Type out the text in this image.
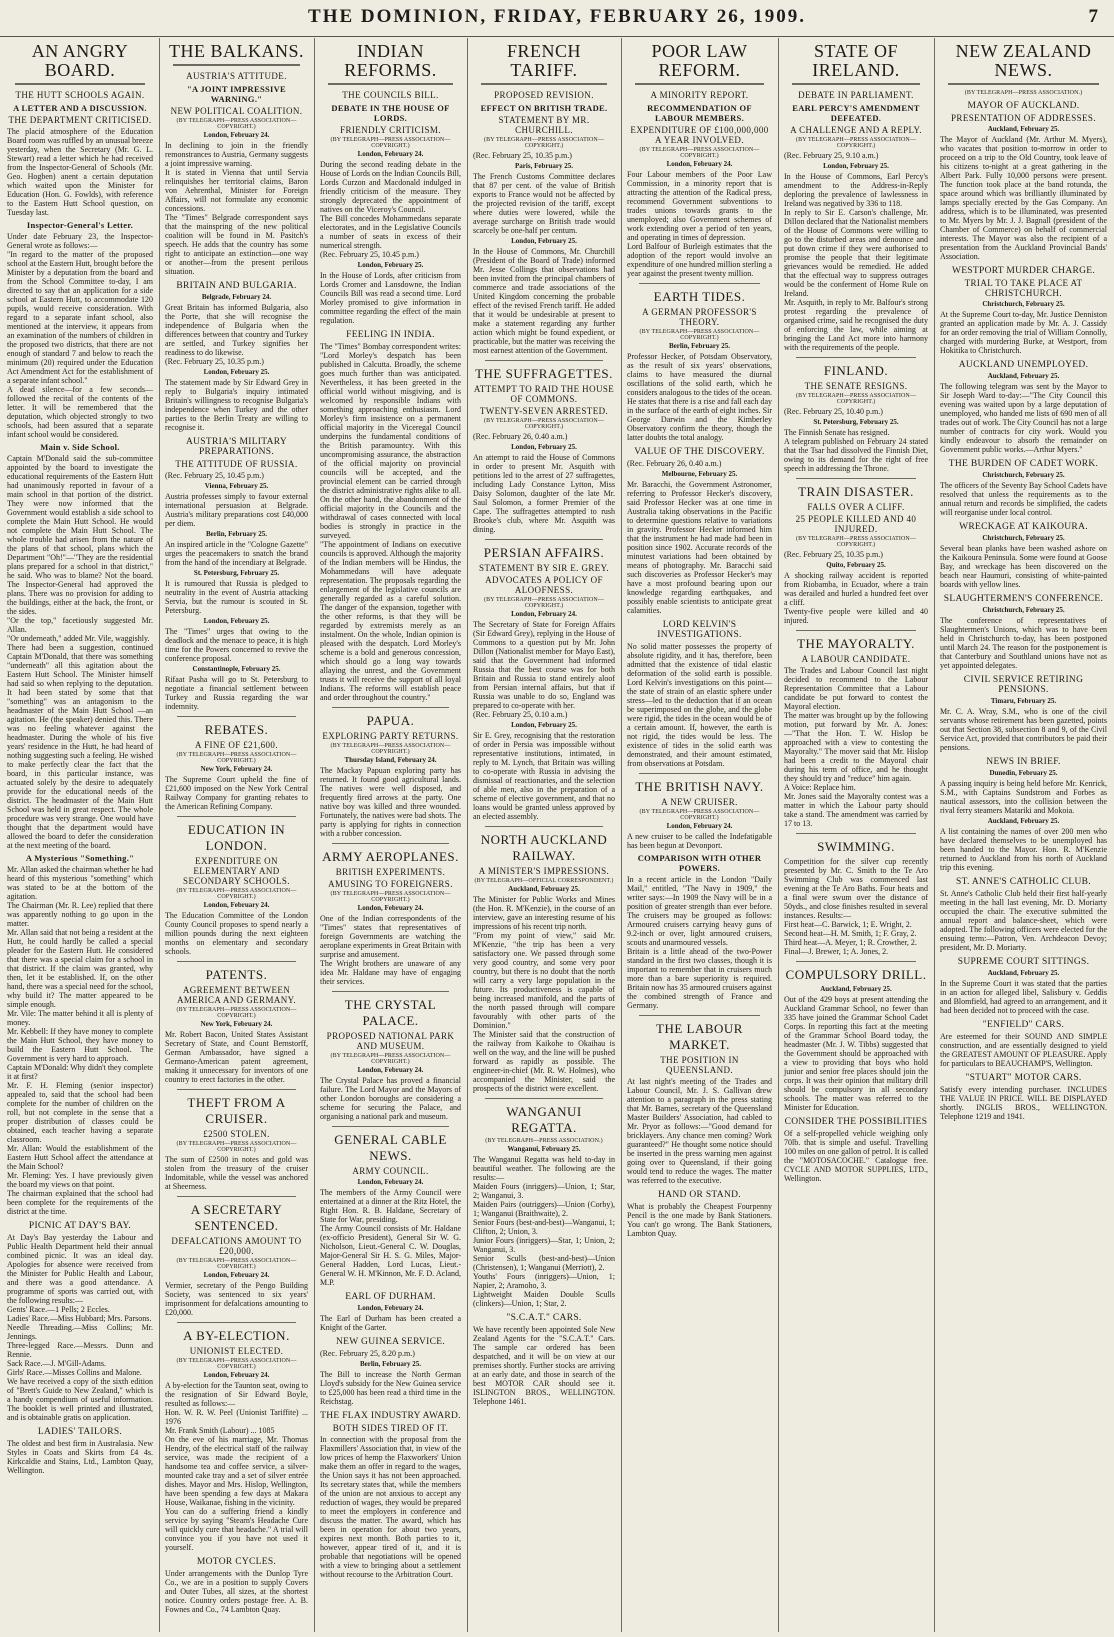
THE DOMINION, FRIDAY, FEBRUARY 26, 1909.	7
AN ANGRY BOARD.
THE HUTT SCHOOLS AGAIN.
A LETTER AND A DISCUSSION.
THE DEPARTMENT CRITICISED.
The placid atmosphere of the Education Board room was ruffled by an unusual breeze yesterday, when the Secretary (Mr. G. L. Stewart) read a letter which he had received from the Inspector-General of Schools (Mr. Geo. Hogben) anent a certain deputation which waited upon the Minister for Education (Hon. G. Fowlds), with reference to the Eastern Hutt School question, on Tuesday last.
Inspector-General's Letter.
Under date February 23, the Inspector-General wrote as follows:—
"In regard to the matter of the proposed school at the Eastern Hutt, brought before the Minister by a deputation from the board and from the School Committee to-day, I am directed to say that an application for a side school at Eastern Hutt, to accommodate 120 pupils, would receive consideration. With regard to a separate infant school, also mentioned at the interview, it appears from an examination of the numbers of children in the proposed two districts, that there are not enough of standard 7 and below to reach the minimum (20) required under the Education Act Amendment Act for the establishment of a separate infant school."
A dead silence—for a few seconds—followed the recital of the contents of the letter. It will be remembered that the deputation, which objected strongly to two schools, had been assured that a separate infant school would be considered.
Main v. Side School.
Captain M'Donald said the sub-committee appointed by the board to investigate the educational requirements of the Eastern Hutt had unanimously reported in favour of a main school in that portion of the district. They were now informed that the Government would establish a side school to complete the Main Hutt School. He would not complete the Main Hutt School. The whole trouble had arisen from the nature of the plans of that school, plans which the Department "Oh!"—"They are the residential plans prepared for a school in that district," he said. Who was to blame? Not the board. The Inspector-General had approved the plans. There was no provision for adding to the buildings, either at the back, the front, or the sides.
"Or the top," facetiously suggested Mr. Allan.
"Or underneath," added Mr. Vile, waggishly.
There had been a suggestion, continued Captain M'Donald, that there was something "underneath" all this agitation about the Eastern Hutt School. The Minister himself had said so when replying to the deputation. It had been stated by some that that "something" was an antagonism to the headmaster of the Main Hutt School —an agitation. He (the speaker) denied this. There was no feeling whatever against the headmaster. During the whole of his five years' residence in the Hutt, he had heard of nothing suggesting such a feeling. He wished to make perfectly clear the fact that the board, in this particular instance, was actuated solely by the desire to adequately provide for the educational needs of the district. The headmaster of the Main Hutt School was held in great respect. The whole procedure was very strange. One would have thought that the department would have allowed the board to defer the consideration at the next meeting of the board.
A Mysterious "Something."
Mr. Allan asked the chairman whether he had heard of this mysterious "something" which was stated to be at the bottom of the agitation.
The Chairman (Mr. R. Lee) replied that there was apparently nothing to go upon in the matter.
Mr. Allan said that not being a resident at the Hutt, he could hardly be called a special pleader for the Eastern Hutt. He considered that there was a special claim for a school in that district. If the claim was granted, why then, let it be established. If, on the other hand, there was a special need for the school, why build it? The matter appeared to be simple enough.
Mr. Vile: The matter behind it all is plenty of money.
Mr. Kebbell: If they have money to complete the Main Hutt School, they have money to build the Eastern Hutt School. The Government is very hard to approach.
Captain M'Donald: Why didn't they complete it at first?
Mr. F. H. Fleming (senior inspector) appealed to, said that the school had been complete for the number of children on the roll, but not complete in the sense that a proper distribution of classes could be obtained, each teacher having a separate classroom.
Mr. Allan: Would the establishment of the Eastern Hutt School affect the attendance at the Main School?
Mr. Fleming: Yes. I have previously given the board my views on that point.
The chairman explained that the school had been complete for the requirements of the district at the time.
PICNIC AT DAY'S BAY.
At Day's Bay yesterday the Labour and Public Health Department held their annual combined picnic. It was an ideal day. Apologies for absence were received from the Minister for Public Health and Labour, and there was a good attendance. A programme of sports was carried out, with the following results:—
Gents' Race.—1 Pells; 2 Eccles.
Ladies' Race.—Miss Hubbard; Mrs. Parsons.
Needle Threading.—Miss Collins; Mr. Jennings.
Three-legged Race.—Messrs. Dunn and Rennie.
Sack Race.—J. M'Gill-Adams.
Girls' Race.—Misses Collins and Malone.
We have received a copy of the sixth edition of "Brett's Guide to New Zealand," which is a handy compendium of useful information. The booklet is well printed and illustrated, and is obtainable gratis on application.
LADIES' TAILORS.
The oldest and best firm in Australasia. New Styles in Coats and Skirts from £4 4s. Kirkcaldie and Stains, Ltd., Lambton Quay, Wellington.
THE BALKANS.
AUSTRIA'S ATTITUDE.
"A JOINT IMPRESSIVE WARNING."
NEW POLITICAL COALITION.
(BY TELEGRAPH—PRESS ASSOCIATION—COPYRIGHT.)
London, February 24.
In declining to join in the friendly remonstrances to Austria, Germany suggests a joint impressive warning.
It is stated in Vienna that until Servia relinquishes her territorial claims, Baron von Aehrenthal, Minister for Foreign Affairs, will not formulate any economic concessions.
The "Times" Belgrade correspondent says that the mainspring of the new political coalition will be found in M. Pasitch's speech. He adds that the country has some right to anticipate an extinction—one way or another—from the present perilous situation.
BRITAIN AND BULGARIA.
Belgrade, February 24.
Great Britain has informed Bulgaria, also the Porte, that she will recognise the independence of Bulgaria when the differences between that country and Turkey are settled, and Turkey signifies her readiness to do likewise.
(Rec. February 25, 10.35 p.m.)
London, February 25.
The statement made by Sir Edward Grey in reply to Bulgaria's inquiry intimated Britain's willingness to recognise Bulgaria's independence when Turkey and the other parties to the Berlin Treaty are willing to recognise it.
AUSTRIA'S MILITARY PREPARATIONS.
THE ATTITUDE OF RUSSIA.
(Rec. February 25, 10.45 p.m.)
Vienna, February 25.
Austria professes simply to favour external international persuasion at Belgrade. Austria's military preparations cost £40,000 per diem.
Berlin, February 25.
An inspired article in the "Cologne Gazette" urges the peacemakers to snatch the brand from the hand of the incendiary at Belgrade.
St. Petersburg, February 25.
It is rumoured that Russia is pledged to neutrality in the event of Austria attacking Servia, but the rumour is scouted in St. Petersburg.
London, February 25.
The "Times" urges that owing to the deadlock and the menace to peace, it is high time for the Powers concerned to revive the conference proposal.
Constantinople, February 25.
Rifaat Pasha will go to St. Petersburg to negotiate a financial settlement between Turkey and Russia regarding the war indemnity.
REBATES.
A FINE OF £21,600.
(BY TELEGRAPH—PRESS ASSOCIATION—COPYRIGHT.)
New York, February 24.
The Supreme Court upheld the fine of £21,600 imposed on the New York Central Railway Company for granting rebates to the American Refining Company.
EDUCATION IN LONDON.
EXPENDITURE ON ELEMENTARY AND SECONDARY SCHOOLS.
(BY TELEGRAPH—PRESS ASSOCIATION—COPYRIGHT.)
London, February 24.
The Education Committee of the London County Council proposes to spend nearly a million pounds during the next eighteen months on elementary and secondary schools.
PATENTS.
AGREEMENT BETWEEN AMERICA AND GERMANY.
(BY TELEGRAPH—PRESS ASSOCIATION—COPYRIGHT.)
New York, February 24.
Mr. Robert Bacon, United States Assistant Secretary of State, and Count Bernstorff, German Ambassador, have signed a Germano-American patent agreement, making it unnecessary for inventors of one country to erect factories in the other.
THEFT FROM A CRUISER.
£2500 STOLEN.
(BY TELEGRAPH—PRESS ASSOCIATION—COPYRIGHT.)
The sum of £2500 in notes and gold was stolen from the treasury of the cruiser Indomitable, while the vessel was anchored at Sheerness.
A SECRETARY SENTENCED.
DEFALCATIONS AMOUNT TO £20,000.
(BY TELEGRAPH—PRESS ASSOCIATION—COPYRIGHT.)
London, February 24.
Vermier, secretary of the Pengo Building Society, was sentenced to six years' imprisonment for defalcations amounting to £20,000.
A BY-ELECTION.
UNIONIST ELECTED.
(BY TELEGRAPH—PRESS ASSOCIATION—COPYRIGHT.)
London, February 24.
A by-election for the Taunton seat, owing to the resignation of Sir Edward Boyle, resulted as follows:—
Hon. W. R. W. Peel (Unionist Tariffite) ... 1976
Mr. Frank Smith (Labour) ... 1085
On the eve of his marriage, Mr. Thomas Hendry, of the electrical staff of the railway service, was made the recipient of a handsome tea and coffee service, a silver-mounted cake tray and a set of silver entrée dishes. Mayor and Mrs. Hislop, Wellington, have been spending a few days at Makara House, Waikanae, fishing in the vicinity.
You can do a suffering friend a kindly service by saying "Stearn's Headache Cure will quickly cure that headache." A trial will convince you if you have not used it yourself.
MOTOR CYCLES.
Under arrangements with the Dunlop Tyre Co., we are in a position to supply Covers and Outer Tubes, all sizes, at the shortest notice. Country orders postage free. A. B. Fownes and Co., 74 Lambton Quay.
INDIAN REFORMS.
THE COUNCILS BILL.
DEBATE IN THE HOUSE OF LORDS.
FRIENDLY CRITICISM.
(BY TELEGRAPH—PRESS ASSOCIATION—COPYRIGHT.)
London, February 24.
During the second reading debate in the House of Lords on the Indian Councils Bill, Lords Curzon and Macdonald indulged in friendly criticism of the measure. They strongly deprecated the appointment of natives on the Viceroy's Council.
The Bill concedes Mohammedans separate electorates, and in the Legislative Councils a number of seats in excess of their numerical strength.
(Rec. February 25, 10.45 p.m.)
London, February 25.
In the House of Lords, after criticism from Lords Cromer and Lansdowne, the Indian Councils Bill was read a second time. Lord Morley promised to give information in committee regarding the effect of the main regulation.
FEELING IN INDIA.
The "Times" Bombay correspondent writes: "Lord Morley's despatch has been published in Calcutta. Broadly, the scheme goes much further than was anticipated. Nevertheless, it has been greeted in the official world without misgiving, and is welcomed by responsible Indians with something approaching enthusiasm. Lord Morley's firm insistence on a permanent official majority in the Viceregal Council underpins the fundamental conditions of the British paramountcy. With this uncompromising assurance, the abstraction of the official majority on provincial councils will be accepted, and the provincial element can be carried through the district administrative rights alike to all. On the other hand, the abandonment of the official majority in the Councils and the withdrawal of cases connected with local bodies is strongly in practice in the surveyed.
"The appointment of Indians on executive councils is approved. Although the majority of the Indian members will be Hindus, the Mohammedans will have adequate representation. The proposals regarding the enlargement of the legislative councils are generally regarded as a careful solution. The danger of the expansion, together with the other reforms, is that they will be regarded by extremists merely as an instalment. On the whole, Indian opinion is pleased with the despatch. Lord Morley's scheme is a bold and generous concession, which should go a long way towards allaying the unrest, and the Government trusts it will receive the support of all loyal Indians. The reforms will establish peace and order throughout the country."
PAPUA.
EXPLORING PARTY RETURNS.
(BY TELEGRAPH—PRESS ASSOCIATION—COPYRIGHT.)
Thursday Island, February 24.
The Mackay Papuan exploring party has returned. It found good agricultural lands. The natives were well disposed, and frequently fired arrows at the party. One native boy was killed and three wounded. Fortunately, the natives were bad shots. The party is applying for rights in connection with a rubber concession.
ARMY AEROPLANES.
BRITISH EXPERIMENTS.
AMUSING TO FOREIGNERS.
(BY TELEGRAPH—PRESS ASSOCIATION—COPYRIGHT.)
London, February 24.
One of the Indian correspondents of the "Times" states that representatives of foreign Governments are watching the aeroplane experiments in Great Britain with surprise and amusement.
The Wright brothers are unaware of any idea Mr. Haldane may have of engaging their services.
THE CRYSTAL PALACE.
PROPOSED NATIONAL PARK AND MUSEUM.
(BY TELEGRAPH—PRESS ASSOCIATION—COPYRIGHT.)
London, February 24.
The Crystal Palace has proved a financial failure. The Lord Mayor and the Mayors of other London boroughs are considering a scheme for securing the Palace, and organising a national park and museum.
GENERAL CABLE NEWS.
ARMY COUNCIL.
London, February 24.
The members of the Army Council were entertained at a dinner at the Ritz Hotel, the Right Hon. R. B. Haldane, Secretary of State for War, presiding.
The Army Council consists of Mr. Haldane (ex-officio President), General Sir W. G. Nicholson, Lieut.-General C. W. Douglas, Major-General Sir H. S. G. Miles, Major-General Hadden, Lord Lucas, Lieut.-General W. H. M'Kinnon, Mr. F. D. Acland, M.P.
EARL OF DURHAM.
London, February 24.
The Earl of Durham has been created a Knight of the Garter.
NEW GUINEA SERVICE.
(Rec. February 25, 8.20 p.m.)
Berlin, February 25.
The Bill to increase the North German Lloyd's subsidy for the New Guinea service to £25,000 has been read a third time in the Reichstag.
THE FLAX INDUSTRY AWARD.
BOTH SIDES TIRED OF IT.
In connection with the proposal from the Flaxmillers' Association that, in view of the low prices of hemp the Flaxworkers' Union make them an offer in regard to the wages, the Union says it has not been approached. Its secretary states that, while the members of the union are not anxious to accept any reduction of wages, they would be prepared to meet the employers in conference and discuss the matter. The award, which has been in operation for about two years, expires next month. Both parties to it, however, appear tired of it, and it is probable that negotiations will be opened with a view to bringing about a settlement without recourse to the Arbitration Court.
FRENCH TARIFF.
PROPOSED REVISION.
EFFECT ON BRITISH TRADE.
STATEMENT BY MR. CHURCHILL.
(BY TELEGRAPH—PRESS ASSOCIATION—COPYRIGHT.)
(Rec. February 25, 10.35 p.m.)
Paris, February 25.
The French Customs Committee declares that 87 per cent. of the value of British exports to France would not be affected by the projected revision of the tariff, except where duties were lowered, while the average surcharge on British trade would scarcely be one-half per centum.
London, February 25.
In the House of Commons, Mr. Churchill (President of the Board of Trade) informed Mr. Jesse Collings that observations had been invited from the principal chambers of commerce and trade associations of the United Kingdom concerning the probable effect of the revised French tariff. He added that it would be undesirable at present to make a statement regarding any further action which might be found expedient, or practicable, but the matter was receiving the most earnest attention of the Government.
THE SUFFRAGETTES.
ATTEMPT TO RAID THE HOUSE OF COMMONS.
TWENTY-SEVEN ARRESTED.
(BY TELEGRAPH—PRESS ASSOCIATION—COPYRIGHT.)
(Rec. February 26, 0.40 a.m.)
London, February 25.
An attempt to raid the House of Commons in order to present Mr. Asquith with petitions led to the arrest of 27 suffragettes, including Lady Constance Lytton, Miss Daisy Solomon, daughter of the late Mr. Saul Solomon, a former Premier of the Cape. The suffragettes attempted to rush Brooke's club, where Mr. Asquith was dining.
PERSIAN AFFAIRS.
STATEMENT BY SIR E. GREY.
ADVOCATES A POLICY OF ALOOFNESS.
(BY TELEGRAPH—PRESS ASSOCIATION—COPYRIGHT.)
London, February 24.
The Secretary of State for Foreign Affairs (Sir Edward Grey), replying in the House of Commons to a question put by Mr. John Dillon (Nationalist member for Mayo East), said that the Government had informed Russia that the best course was for both Britain and Russia to stand entirely aloof from Persian internal affairs, but that if Russia was unable to do so, England was prepared to co-operate with her.
(Rec. February 25, 0.10 a.m.)
London, February 25.
Sir E. Grey, recognising that the restoration of order in Persia was impossible without representative institutions, intimated, in reply to M. Lynch, that Britain was willing to co-operate with Russia in advising the dismissal of reactionaries, and the selection of able men, also in the preparation of a scheme of elective government, and that no loans would be granted unless approved by an elected assembly.
NORTH AUCKLAND RAILWAY.
A MINISTER'S IMPRESSIONS.
(BY TELEGRAPH—OFFICIAL CORRESPONDENT.)
Auckland, February 25.
The Minister for Public Works and Mines (the Hon. R. M'Kenzie), in the course of an interview, gave an interesting resume of his impressions of his recent trip north.
"From my point of view," said Mr. M'Kenzie, "the trip has been a very satisfactory one. We passed through some very good country, and some very poor country, but there is no doubt that the north will carry a very large population in the future. Its productiveness is capable of being increased manifold, and the parts of the north passed through will compare favourably with other parts of the Dominion."
The Minister said that the construction of the railway from Kaikohe to Okaihau is well on the way, and the line will be pushed forward as rapidly as possible. The engineer-in-chief (Mr. R. W. Holmes), who accompanied the Minister, said the prospects of the district were excellent.
WANGANUI REGATTA.
(BY TELEGRAPH—PRESS ASSOCIATION.)
Wanganui, February 25.
The Wanganui Regatta was held to-day in beautiful weather. The following are the results:—
Maiden Fours (inriggers)—Union, 1; Star, 2; Wanganui, 3.
Maiden Pairs (outriggers)—Union (Corby), 1; Wanganui (Braithwaite), 2.
Senior Fours (best-and-best)—Wanganui, 1; Clifton, 2; Union, 3.
Junior Fours (inriggers)—Star, 1; Union, 2; Wanganui, 3.
Senior Sculls (best-and-best)—Union (Christensen), 1; Wanganui (Merriott), 2.
Youths' Fours (inriggers)—Union, 1; Napier, 2; Aramoho, 3.
Lightweight Maiden Double Sculls (clinkers)—Union, 1; Star, 2.
"S.C.A.T." CARS.
We have recently been appointed Sole New Zealand Agents for the "S.C.A.T." Cars. The sample car ordered has been despatched, and it will be on view at our premises shortly. Further stocks are arriving at an early date, and those in search of the best MOTOR CAR should see it. ISLINGTON BROS., WELLINGTON. Telephone 1461.
POOR LAW REFORM.
A MINORITY REPORT.
RECOMMENDATION OF LABOUR MEMBERS.
EXPENDITURE OF £100,000,000 A YEAR INVOLVED.
(BY TELEGRAPH—PRESS ASSOCIATION—COPYRIGHT.)
London, February 24.
Four Labour members of the Poor Law Commission, in a minority report that is attracting the attention of the Radical press, recommend Government subventions to trades unions towards grants to the unemployed; also Government schemes of work extending over a period of ten years, and operating in times of depression.
Lord Balfour of Burleigh estimates that the adoption of the report would involve an expenditure of one hundred million sterling a year against the present twenty million.
EARTH TIDES.
A GERMAN PROFESSOR'S THEORY.
(BY TELEGRAPH—PRESS ASSOCIATION—COPYRIGHT.)
Berlin, February 25.
Professor Hecker, of Potsdam Observatory, as the result of six years' observations, claims to have measured the diurnal oscillations of the solid earth, which he considers analogous to the tides of the ocean. He states that there is a rise and fall each day in the surface of the earth of eight inches. Sir George Darwin and the Kimberley Observatory confirm the theory, though the latter doubts the total analogy.
VALUE OF THE DISCOVERY.
(Rec. February 26, 0.40 a.m.)
Melbourne, February 25.
Mr. Baracchi, the Government Astronomer, referring to Professor Hecker's discovery, said Professor Hecker was at one time in Australia taking observations in the Pacific to determine questions relative to variations in gravity. Professor Hecker informed him that the instrument he had made had been in position since 1902. Accurate records of the minutest variations had been obtained by means of photography. Mr. Baracchi said such discoveries as Professor Hecker's may have a most profound bearing upon our knowledge regarding earthquakes, and possibly enable scientists to anticipate great calamities.
LORD KELVIN'S INVESTIGATIONS.
No solid matter possesses the property of absolute rigidity, and it has, therefore, been admitted that the existence of tidal elastic deformation of the solid earth is possible. Lord Kelvin's investigations on this point—the state of strain of an elastic sphere under stress—led to the deduction that if an ocean be superimposed on the globe, and the globe were rigid, the tides in the ocean would be of a certain amount. If, however, the earth is not rigid, the tides would be less. The existence of tides in the solid earth was demonstrated, and their amount estimated, from observations at Potsdam.
THE BRITISH NAVY.
A NEW CRUISER.
(BY TELEGRAPH—PRESS ASSOCIATION—COPYRIGHT.)
London, February 24.
A new cruiser to be called the Indefatigable has been begun at Devonport.
COMPARISON WITH OTHER POWERS.
In a recent article in the London "Daily Mail," entitled, "The Navy in 1909," the writer says:—In 1909 the Navy will be in a position of greater strength than ever before. The cruisers may be grouped as follows: Armoured cruisers carrying heavy guns of 9.2-inch or over, light armoured cruisers, scouts and unarmoured vessels.
Britain is a little ahead of the two-Power standard in the first two classes, though it is important to remember that in cruisers much more than a bare superiority is required. Britain now has 35 armoured cruisers against the combined strength of France and Germany.
THE LABOUR MARKET.
THE POSITION IN QUEENSLAND.
At last night's meeting of the Trades and Labour Council, Mr. J. S. Gallivan drew attention to a paragraph in the press stating that Mr. Barnes, secretary of the Queensland Master Builders' Association, had cabled to Mr. Pryor as follows:—"Good demand for bricklayers. Any chance men coming? Work guaranteed?" He thought some notice should be inserted in the press warning men against going over to Queensland, if their going would tend to reduce the wages. The matter was referred to the executive.
HAND OR STAND.
What is probably the Cheapest Fourpenny Pencil is the one made by Bank Stationers. You can't go wrong. The Bank Stationers, Lambton Quay.
STATE OF IRELAND.
DEBATE IN PARLIAMENT.
EARL PERCY'S AMENDMENT DEFEATED.
A CHALLENGE AND A REPLY.
(BY TELEGRAPH—PRESS ASSOCIATION—COPYRIGHT.)
(Rec. February 25, 9.10 a.m.)
London, February 25.
In the House of Commons, Earl Percy's amendment to the Address-in-Reply deploring the prevalence of lawlessness in Ireland was negatived by 336 to 118.
In reply to Sir E. Carson's challenge, Mr. Dillon declared that the Nationalist members of the House of Commons were willing to go to the disturbed areas and denounce and put down crime if they were authorised to promise the people that their legitimate grievances would be remedied. He added that the effectual way to suppress outrages would be the conferment of Home Rule on Ireland.
Mr. Asquith, in reply to Mr. Balfour's strong protest regarding the prevalence of organised crime, said he recognised the duty of enforcing the law, while aiming at bringing the Land Act more into harmony with the requirements of the people.
FINLAND.
THE SENATE RESIGNS.
(BY TELEGRAPH—PRESS ASSOCIATION—COPYRIGHT.)
(Rec. February 25, 10.40 p.m.)
St. Petersburg, February 25.
The Finnish Senate has resigned.
A telegram published on February 24 stated that the Tsar had dissolved the Finnish Diet, owing to its demand for the right of free speech in addressing the Throne.
TRAIN DISASTER.
FALLS OVER A CLIFF.
25 PEOPLE KILLED AND 40 INJURED.
(BY TELEGRAPH—PRESS ASSOCIATION—COPYRIGHT.)
(Rec. February 25, 10.35 p.m.)
Quito, February 25.
A shocking railway accident is reported from Riobamba, in Ecuador, where a train was derailed and hurled a hundred feet over a cliff.
Twenty-five people were killed and 40 injured.
THE MAYORALTY.
A LABOUR CANDIDATE.
The Trades and Labour Council last night decided to recommend to the Labour Representation Committee that a Labour candidate be put forward to contest the Mayoral election.
The matter was brought up by the following motion, put forward by Mr. A. Jones:—"That the Hon. T. W. Hislop be approached with a view to contesting the Mayoralty." The mover said that Mr. Hislop had been a credit to the Mayoral chair during his term of office, and he thought they should try and "reduce" him again.
A Voice: Replace him.
Mr. Jones said the Mayoralty contest was a matter in which the Labour party should take a stand. The amendment was carried by 17 to 13.
SWIMMING.
Competition for the silver cup recently presented by Mr. C. Smith to the Te Aro Swimming Club was commenced last evening at the Te Aro Baths. Four heats and a final were swum over the distance of 50yds., and close finishes resulted in several instances. Results:—
First heat—C. Barwick, 1; E. Wright, 2.
Second heat—H. M. Smith, 1; F. Gray, 2.
Third heat—A. Meyer, 1; R. Crowther, 2.
Final—J. Brewer, 1; A. Jones, 2.
COMPULSORY DRILL.
Auckland, February 25.
Out of the 429 boys at present attending the Auckland Grammar School, no fewer than 335 have joined the Grammar School Cadet Corps. In reporting this fact at the meeting of the Grammar School Board today, the headmaster (Mr. J. W. Tibbs) suggested that the Government should be approached with a view to providing that boys who hold junior and senior free places should join the corps. It was their opinion that military drill should be compulsory in all secondary schools. The matter was referred to the Minister for Education.
CONSIDER THE POSSIBILITIES
Of a self-propelled vehicle weighing only 70lb. that is simple and useful. Travelling 100 miles on one gallon of petrol. It is called the "MOTOSACOCHE." Catalogue free. CYCLE AND MOTOR SUPPLIES, LTD., Wellington.
NEW ZEALAND NEWS.
(BY TELEGRAPH—PRESS ASSOCIATION.)
MAYOR OF AUCKLAND.
PRESENTATION OF ADDRESSES.
Auckland, February 25.
The Mayor of Auckland (Mr. Arthur M. Myers), who vacates that position to-morrow in order to proceed on a trip to the Old Country, took leave of his citizens to-night at a great gathering in the Albert Park. Fully 10,000 persons were present. The function took place at the band rotunda, the space around which was brilliantly illuminated by lamps specially erected by the Gas Company. An address, which is to be illuminated, was presented to Mr. Myers by Mr. J. J. Bagnall (president of the Chamber of Commerce) on behalf of commercial interests. The Mayor was also the recipient of a presentation from the Auckland Provincial Bands' Association.
WESTPORT MURDER CHARGE.
TRIAL TO TAKE PLACE AT CHRISTCHURCH.
Christchurch, February 25.
At the Supreme Court to-day, Mr. Justice Denniston granted an application made by Mr. A. J. Cassidy for an order removing the trial of William Connolly, charged with murdering Burke, at Westport, from Hokitika to Christchurch.
AUCKLAND UNEMPLOYED.
Auckland, February 25.
The following telegram was sent by the Mayor to Sir Joseph Ward to-day:—"The City Council this evening was waited upon by a large deputation of unemployed, who handed me lists of 690 men of all trades out of work. The City Council has not a large number of contracts for city work. Would you kindly endeavour to absorb the remainder on Government public works.—Arthur Myers."
THE BURDEN OF CADET WORK.
Christchurch, February 25.
The officers of the Seventy Bay School Cadets have resolved that unless the requirements as to the annual return and records be simplified, the cadets will reorganise under local control.
WRECKAGE AT KAIKOURA.
Christchurch, February 25.
Several bean planks have been washed ashore on the Kaikoura Peninsula. Some were found at Goose Bay, and wreckage has been discovered on the beach near Haumuri, consisting of white-painted boards with yellow lines.
SLAUGHTERMEN'S CONFERENCE.
Christchurch, February 25.
The conference of representatives of Slaughtermen's Unions, which was to have been held in Christchurch to-day, has been postponed until March 24. The reason for the postponement is that Canterbury and Southland unions have not as yet appointed delegates.
CIVIL SERVICE RETIRING PENSIONS.
Timaru, February 25.
Mr. C. A. Wray, S.M., who is one of the civil servants whose retirement has been gazetted, points out that Section 38, subsection 8 and 9, of the Civil Service Act, provided that contributors be paid their pensions.
NEWS IN BRIEF.
Dunedin, February 25.
A passing inquiry is being held before Mr. Kenrick, S.M., with Captains Sundstrom and Forbes as nautical assessors, into the collision between the rival ferry steamers Matariki and Mokoia.
Auckland, February 25.
A list containing the names of over 200 men who have declared themselves to be unemployed has been handed to the Mayor. Hon. R. M'Kenzie returned to Auckland from his north of Auckland trip this evening.
ST. ANNE'S CATHOLIC CLUB.
St. Anne's Catholic Club held their first half-yearly meeting in the hall last evening, Mr. D. Moriarty occupied the chair. The executive submitted the annual report and balance-sheet, which were adopted. The following officers were elected for the ensuing term:—Patron, Ven. Archdeacon Devoy; president, Mr. D. Moriarty.
SUPREME COURT SITTINGS.
Auckland, February 25.
In the Supreme Court it was stated that the parties in an action for alleged libel, Salisbury v. Geddis and Blomfield, had agreed to an arrangement, and it had been decided not to proceed with the case.
"ENFIELD" CARS.
Are esteemed for their SOUND AND SIMPLE construction, and are essentially designed to yield the GREATEST AMOUNT OF PLEASURE. Apply for particulars to BEAUCHAMP'S, Wellington.
"STUART" MOTOR CARS.
Satisfy every intending purchaser. INCLUDES THE VALUE IN PRICE. WILL BE DISPLAYED shortly. INGLIS BROS., WELLINGTON. Telephone 1219 and 1941.
